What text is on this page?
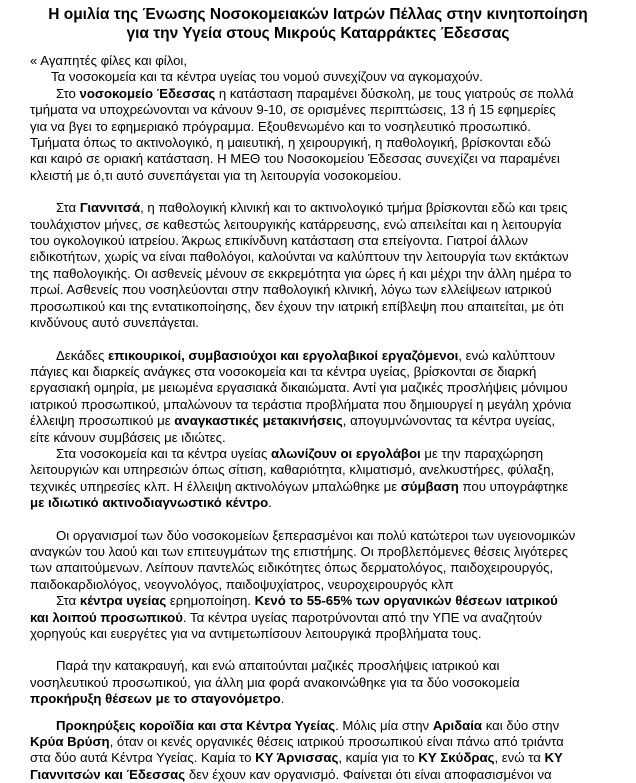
Η ομιλία της Ένωσης Νοσοκομειακών Ιατρών Πέλλας στην κινητοποίηση
για την Υγεία στους Μικρούς Καταρράκτες Έδεσσας
« Αγαπητές φίλες και φίλοι,
Τα νοσοκομεία και τα κέντρα υγείας του νομού συνεχίζουν να αγκομαχούν.
Στο νοσοκομείο Έδεσσας η κατάσταση παραμένει δύσκολη, με τους γιατρούς σε πολλά
τμήματα να υποχρεώνονται να κάνουν 9-10, σε ορισμένες περιπτώσεις, 13 ή 15 εφημερίες
για να βγει το εφημεριακό πρόγραμμα. Εξουθενωμένο και το νοσηλευτικό προσωπικό.
Τμήματα όπως το ακτινολογικό, η μαιευτική, η χειρουργική, η παθολογική, βρίσκονται εδώ
και καιρό σε οριακή κατάσταση. Η ΜΕΘ του Νοσοκομείου Έδεσσας συνεχίζει να παραμένει
κλειστή με ό,τι αυτό συνεπάγεται για τη λειτουργία νοσοκομείου.
Στα Γιαννιτσά, η παθολογική κλινική και το ακτινολογικό τμήμα βρίσκονται εδώ και τρεις
τουλάχιστον μήνες, σε καθεστώς λειτουργικής κατάρρευσης, ενώ απειλείται και η λειτουργία
του ογκολογικού ιατρείου. Άκρως επικίνδυνη κατάσταση στα επείγοντα. Γιατροί άλλων
ειδικοτήτων, χωρίς να είναι παθολόγοι, καλούνται να καλύπτουν την λειτουργία των εκτάκτων
της παθολογικής. Οι ασθενείς μένουν σε εκκρεμότητα για ώρες ή και μέχρι την άλλη ημέρα το
πρωί. Ασθενείς που νοσηλεύονται στην παθολογική κλινική, λόγω των ελλείψεων ιατρικού
προσωπικού και της εντατικοποίησης, δεν έχουν την ιατρική επίβλεψη που απαιτείται, με ότι
κινδύνους αυτό συνεπάγεται.
Δεκάδες επικουρικοί, συμβασιούχοι και εργολαβικοί εργαζόμενοι, ενώ καλύπτουν
πάγιες και διαρκείς ανάγκες στα νοσοκομεία και τα κέντρα υγείας, βρίσκονται σε διαρκή
εργασιακή ομηρία, με μειωμένα εργασιακά δικαιώματα. Αντί για μαζικές προσλήψεις μόνιμου
ιατρικού προσωπικού, μπαλώνουν τα τεράστια προβλήματα που δημιουργεί η μεγάλη χρόνια
έλλειψη προσωπικού με αναγκαστικές μετακινήσεις, απογυμνώνοντας τα κέντρα υγείας,
είτε κάνουν συμβάσεις με ιδιώτες.
Στα νοσοκομεία και τα κέντρα υγείας αλωνίζουν οι εργολάβοι με την παραχώρηση
λειτουργιών και υπηρεσιών όπως σίτιση, καθαριότητα, κλιματισμό, ανελκυστήρες, φύλαξη,
τεχνικές υπηρεσίες κλπ. Η έλλειψη ακτινολόγων μπαλώθηκε με σύμβαση που υπογράφτηκε
με ιδιωτικό ακτινοδιαγνωστικό κέντρο.
Οι οργανισμοί των δύο νοσοκομείων ξεπερασμένοι και πολύ κατώτεροι των υγειονομικών
αναγκών του λαού και των επιτευγμάτων της επιστήμης. Οι προβλεπόμενες θέσεις λιγότερες
των απαιτούμενων. Λείπουν παντελώς ειδικότητες όπως δερματολόγος, παιδοχειρουργός,
παιδοκαρδιολόγος, νεογνολόγος, παιδοψυχίατρος, νευροχειρουργός κλπ
Στα κέντρα υγείας ερημοποίηση. Κενό το 55-65% των οργανικών θέσεων ιατρικού
και λοιπού προσωπικού. Τα κέντρα υγείας παροτρύνονται από την ΥΠΕ να αναζητούν
χορηγούς και ευεργέτες για να αντιμετωπίσουν λειτουργικά προβλήματα τους.
Παρά την κατακραυγή, και ενώ απαιτούνται μαζικές προσλήψεις ιατρικού και
νοσηλευτικού προσωπικού, για άλλη μια φορά ανακοινώθηκε για τα δύο νοσοκομεία
προκήρυξη θέσεων με το σταγονόμετρο.
Προκηρύξεις κοροϊδία και στα Κέντρα Υγείας. Μόλις μία στην Αριδαία και δύο στην
Κρύα Βρύση, όταν οι κενές οργανικές θέσεις ιατρικού προσωπικού είναι πάνω από τριάντα
στα δύο αυτά Κέντρα Υγείας. Καμία το ΚΥ Άρνισσας, καμία για το ΚΥ Σκύδρας, ενώ τα ΚΥ
Γιαννιτσών και Έδεσσας δεν έχουν καν οργανισμό. Φαίνεται ότι είναι αποφασισμένοι να
